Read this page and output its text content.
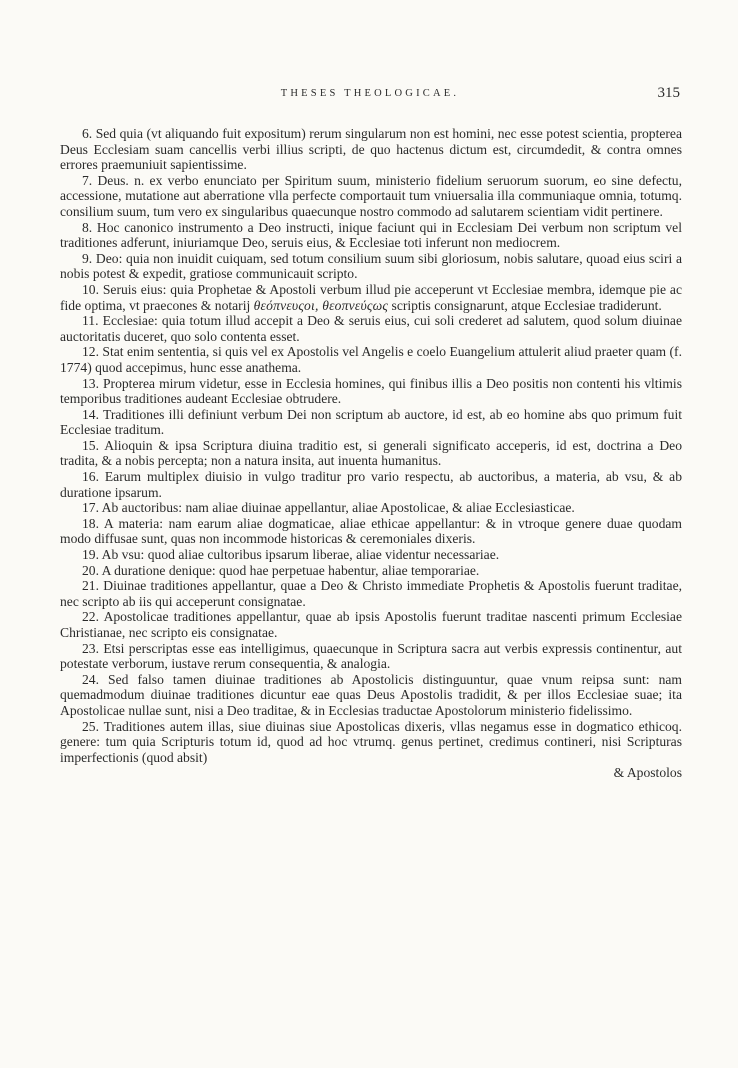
THESES THEOLOGICAE.	315

6. Sed quia (vt aliquando fuit expositum) rerum singularum non est homini, nec esse potest scientia, propterea Deus Ecclesiam suam cancellis verbi illius scripti, de quo hactenus dictum est, circumdedit, & contra omnes errores praemuniuit sapientissime.

7. Deus. n. ex verbo enunciato per Spiritum suum, ministerio fidelium seruorum suorum, eo sine defectu, accessione, mutatione aut aberratione vlla perfecte comportauit tum vniuersalia illa communiaque omnia, totumq. consilium suum, tum vero ex singularibus quaecunque nostro commodo ad salutarem scientiam vidit pertinere.

8. Hoc canonico instrumento a Deo instructi, inique faciunt qui in Ecclesiam Dei verbum non scriptum vel traditiones adferunt, iniuriamque Deo, seruis eius, & Ecclesiae toti inferunt non mediocrem.

9. Deo: quia non inuidit cuiquam, sed totum consilium suum sibi gloriosum, nobis salutare, quoad eius sciri a nobis potest & expedit, gratiose communicauit scripto.

10. Seruis eius: quia Prophetae & Apostoli verbum illud pie acceperunt vt Ecclesiae membra, idemque pie ac fide optima, vt praecones & notarij θεόπνευςοι, θεοπνεύςως scriptis consignarunt, atque Ecclesiae tradiderunt.

11. Ecclesiae: quia totum illud accepit a Deo & seruis eius, cui soli crederet ad salutem, quod solum diuinae auctoritatis duceret, quo solo contenta esset.

12. Stat enim sententia, si quis vel ex Apostolis vel Angelis e coelo Euangelium attulerit aliud praeter quam (f. 1774) quod accepimus, hunc esse anathema.

13. Propterea mirum videtur, esse in Ecclesia homines, qui finibus illis a Deo positis non contenti his vltimis temporibus traditiones audeant Ecclesiae obtrudere.

14. Traditiones illi definiunt verbum Dei non scriptum ab auctore, id est, ab eo homine abs quo primum fuit Ecclesiae traditum.

15. Alioquin & ipsa Scriptura diuina traditio est, si generali significato acceperis, id est, doctrina a Deo tradita, & a nobis percepta; non a natura insita, aut inuenta humanitus.

16. Earum multiplex diuisio in vulgo traditur pro vario respectu, ab auctoribus, a materia, ab vsu, & ab duratione ipsarum.

17. Ab auctoribus: nam aliae diuinae appellantur, aliae Apostolicae, & aliae Ecclesiasticae.

18. A materia: nam earum aliae dogmaticae, aliae ethicae appellantur: & in vtroque genere duae quodam modo diffusae sunt, quas non incommode historicas & ceremoniales dixeris.

19. Ab vsu: quod aliae cultoribus ipsarum liberae, aliae videntur necessariae.

20. A duratione denique: quod hae perpetuae habentur, aliae temporariae.

21. Diuinae traditiones appellantur, quae a Deo & Christo immediate Prophetis & Apostolis fuerunt traditae, nec scripto ab iis qui acceperunt consignatae.

22. Apostolicae traditiones appellantur, quae ab ipsis Apostolis fuerunt traditae nascenti primum Ecclesiae Christianae, nec scripto eis consignatae.

23. Etsi perscriptas esse eas intelligimus, quaecunque in Scriptura sacra aut verbis expressis continentur, aut potestate verborum, iustave rerum consequentia, & analogia.

24. Sed falso tamen diuinae traditiones ab Apostolicis distinguuntur, quae vnum reipsa sunt: nam quemadmodum diuinae traditiones dicuntur eae quas Deus Apostolis tradidit, & per illos Ecclesiae suae; ita Apostolicae nullae sunt, nisi a Deo traditae, & in Ecclesias traductae Apostolorum ministerio fidelissimo.

25. Traditiones autem illas, siue diuinas siue Apostolicas dixeris, vllas negamus esse in dogmatico ethicoq. genere: tum quia Scripturis totum id, quod ad hoc vtrumq. genus pertinet, credimus contineri, nisi Scripturas imperfectionis (quod absit)

& Apostolos
